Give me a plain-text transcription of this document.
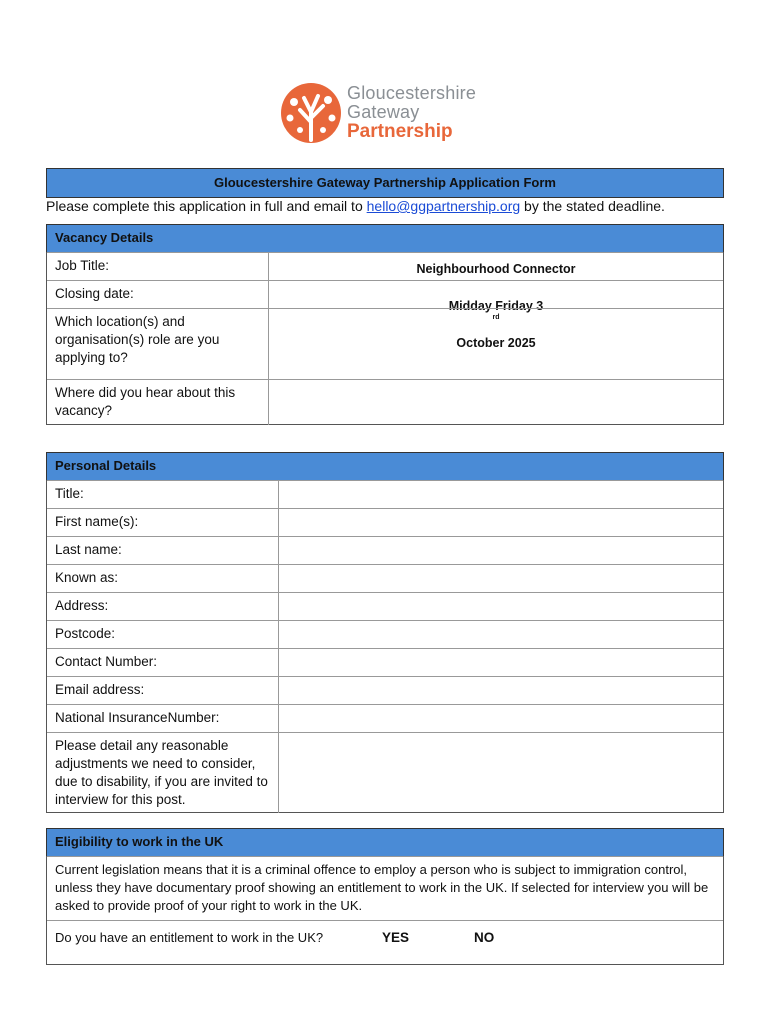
Gloucestershire
Gateway
Partnership
Gloucestershire Gateway Partnership Application Form
Please complete this application in full and email to hello@ggpartnership.org by the stated deadline.
Vacancy Details
Job Title:	Neighbourhood Connector
Closing date:
Midday Friday 3
$^{rd}$
October 2025
Which location(s) and organisation(s) role are you applying to?
Where did you hear about this vacancy?
Personal Details
Title:
First name(s):
Last name:
Known as:
Address:
Postcode:
Contact Number:
Email address:
National InsuranceNumber:
Please detail any reasonable adjustments we need to consider, due to disability, if you are invited to interview for this post.
Eligibility to work in the UK
Current legislation means that it is a criminal offence to employ a person who is subject to immigration control, unless they have documentary proof showing an entitlement to work in the UK. If selected for interview you will be asked to provide proof of your right to work in the UK.
Do you have an entitlement to work in the UK?	YES	NO
